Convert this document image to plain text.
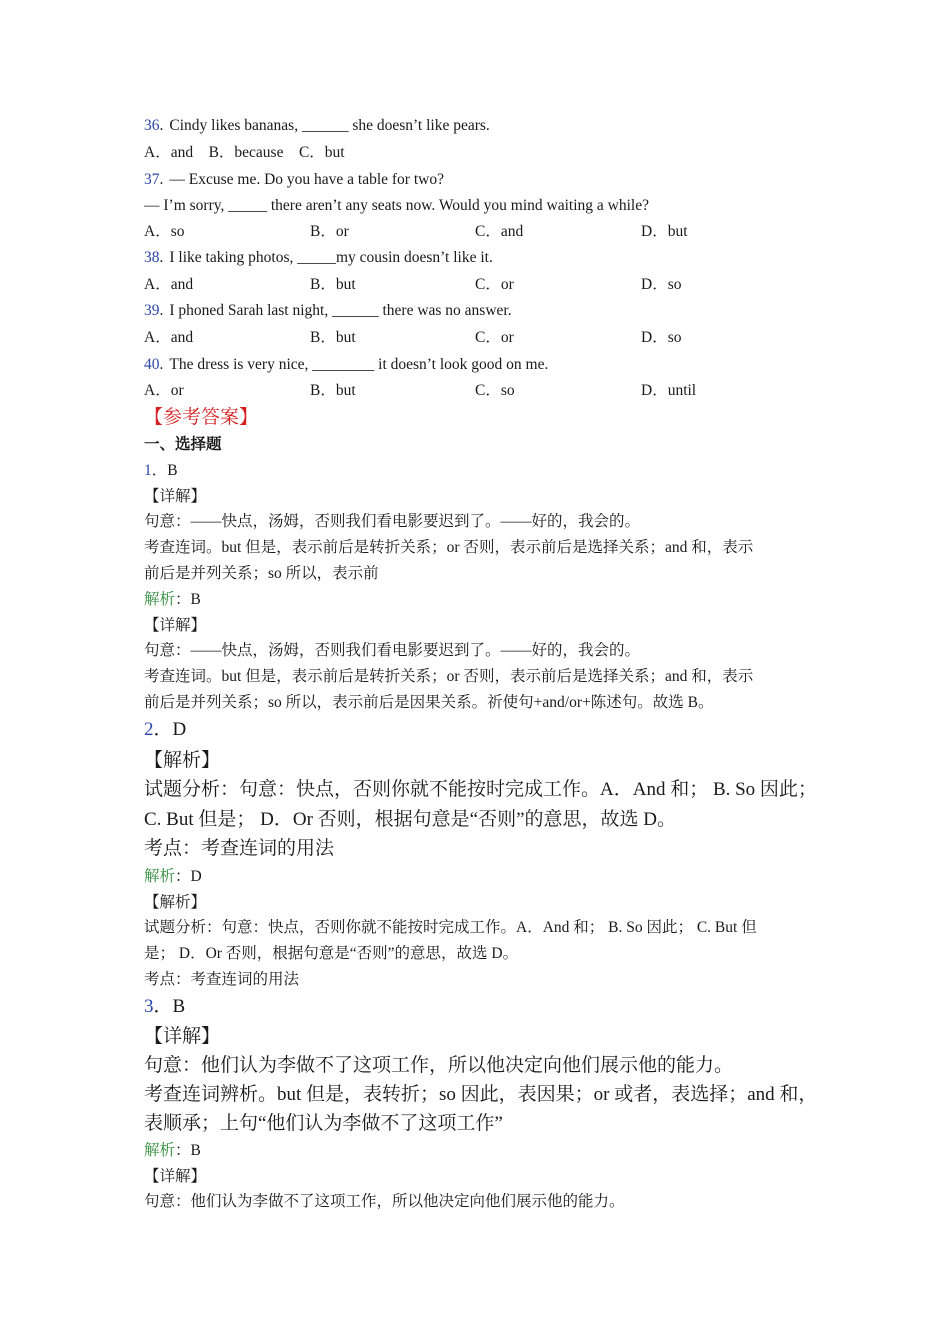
36. Cindy likes bananas, ______ she doesn’t like pears.
A．and　B．because　C．but
37. — Excuse me. Do you have a table for two?
— I’m sorry, _____ there aren’t any seats now. Would you mind waiting a while?
A．so	B．or	C．and	D．but
38. I like taking photos, _____my cousin doesn’t like it.
A．and	B．but	C．or	D．so
39. I phoned Sarah last night, ______ there was no answer.
A．and	B．but	C．or	D．so
40. The dress is very nice, ________ it doesn’t look good on me.
A．or	B．but	C．so	D．until
【参考答案】
一、选择题
1．B
【详解】
句意：——快点，汤姆，否则我们看电影要迟到了。——好的，我会的。
考查连词。but 但是，表示前后是转折关系；or 否则，表示前后是选择关系；and 和，表示
前后是并列关系；so 所以，表示前
解析：B
【详解】
句意：——快点，汤姆，否则我们看电影要迟到了。——好的，我会的。
考查连词。but 但是，表示前后是转折关系；or 否则，表示前后是选择关系；and 和，表示
前后是并列关系；so 所以，表示前后是因果关系。祈使句+and/or+陈述句。故选 B。
2．D
【解析】
试题分析：句意：快点，否则你就不能按时完成工作。A．And 和； B. So 因此；
C. But 但是； D．Or 否则，根据句意是“否则”的意思，故选 D。
考点：考查连词的用法
解析：D
【解析】
试题分析：句意：快点，否则你就不能按时完成工作。A．And 和； B. So 因此； C. But 但
是； D．Or 否则，根据句意是“否则”的意思，故选 D。
考点：考查连词的用法
3．B
【详解】
句意：他们认为李做不了这项工作，所以他决定向他们展示他的能力。
考查连词辨析。but 但是，表转折；so 因此，表因果；or 或者，表选择；and 和，
表顺承；上句“他们认为李做不了这项工作”
解析：B
【详解】
句意：他们认为李做不了这项工作，所以他决定向他们展示他的能力。
